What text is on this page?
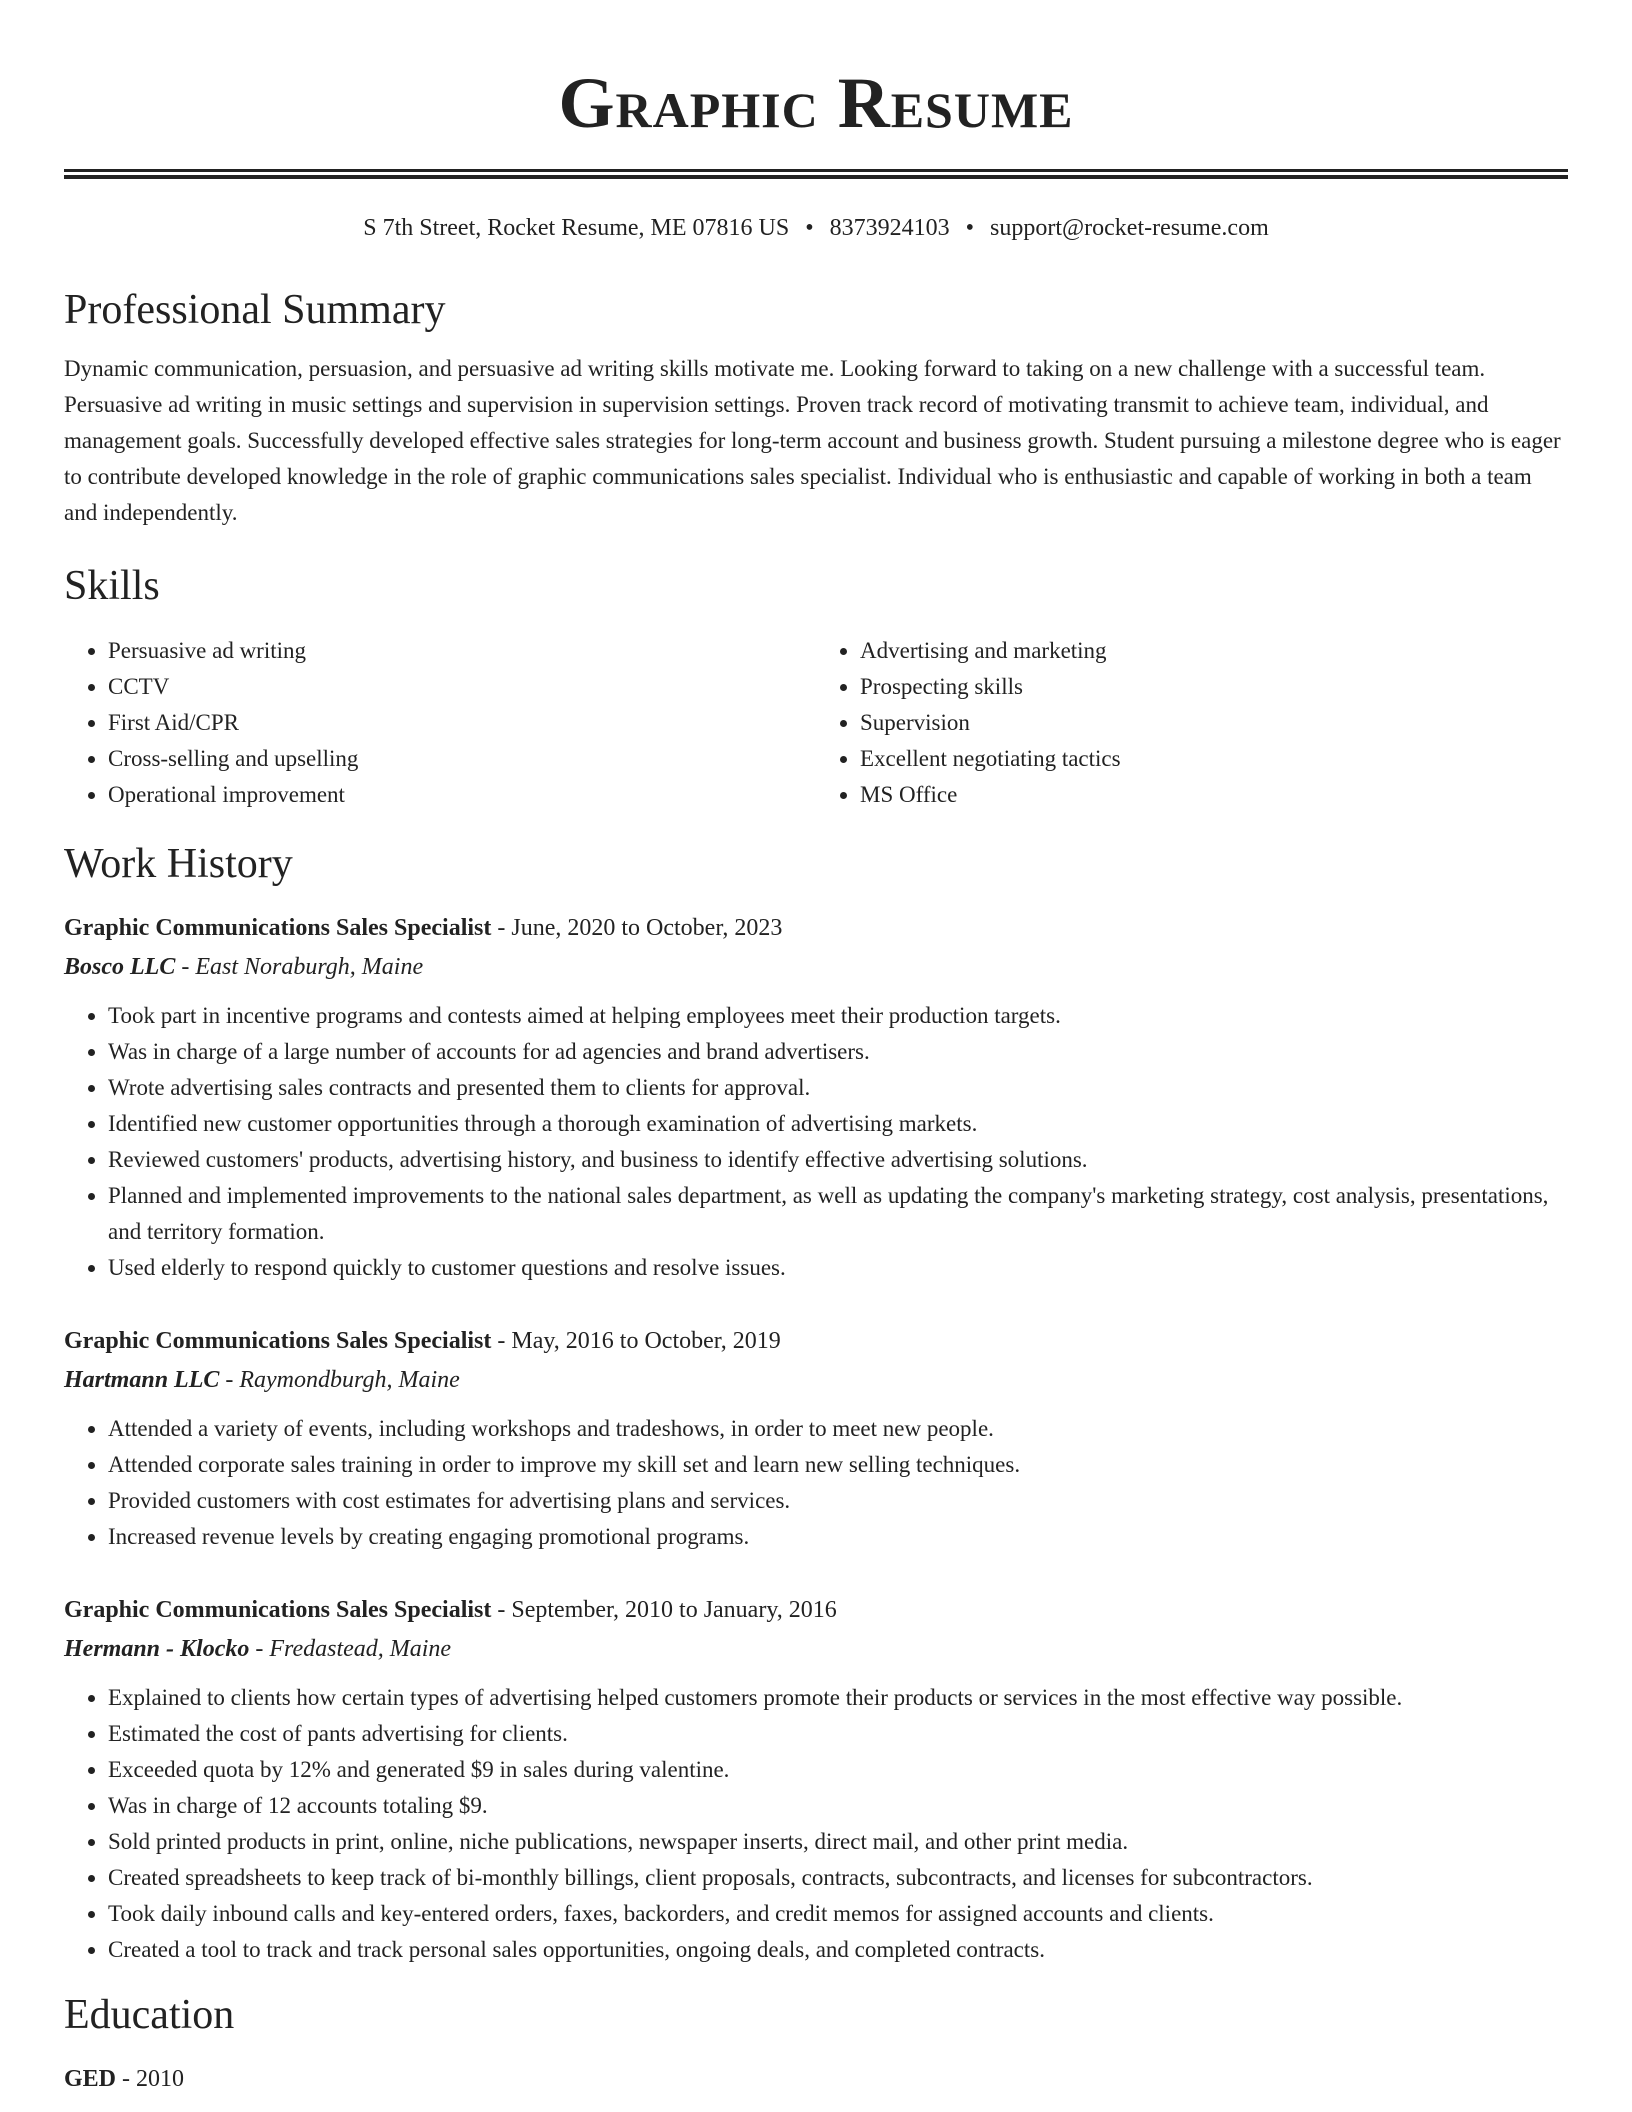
Graphic Resume
S 7th Street, Rocket Resume, ME 07816 US • 8373924103 • support@rocket-resume.com
Professional Summary
Dynamic communication, persuasion, and persuasive ad writing skills motivate me. Looking forward to taking on a new challenge with a successful team. Persuasive ad writing in music settings and supervision in supervision settings. Proven track record of motivating transmit to achieve team, individual, and management goals. Successfully developed effective sales strategies for long-term account and business growth. Student pursuing a milestone degree who is eager to contribute developed knowledge in the role of graphic communications sales specialist. Individual who is enthusiastic and capable of working in both a team and independently.
Skills
• Persuasive ad writing
• CCTV
• First Aid/CPR
• Cross-selling and upselling
• Operational improvement
• Advertising and marketing
• Prospecting skills
• Supervision
• Excellent negotiating tactics
• MS Office
Work History
Graphic Communications Sales Specialist - June, 2020 to October, 2023
Bosco LLC - East Noraburgh, Maine
• Took part in incentive programs and contests aimed at helping employees meet their production targets.
• Was in charge of a large number of accounts for ad agencies and brand advertisers.
• Wrote advertising sales contracts and presented them to clients for approval.
• Identified new customer opportunities through a thorough examination of advertising markets.
• Reviewed customers' products, advertising history, and business to identify effective advertising solutions.
• Planned and implemented improvements to the national sales department, as well as updating the company's marketing strategy, cost analysis, presentations, and territory formation.
• Used elderly to respond quickly to customer questions and resolve issues.
Graphic Communications Sales Specialist - May, 2016 to October, 2019
Hartmann LLC - Raymondburgh, Maine
• Attended a variety of events, including workshops and tradeshows, in order to meet new people.
• Attended corporate sales training in order to improve my skill set and learn new selling techniques.
• Provided customers with cost estimates for advertising plans and services.
• Increased revenue levels by creating engaging promotional programs.
Graphic Communications Sales Specialist - September, 2010 to January, 2016
Hermann - Klocko - Fredastead, Maine
• Explained to clients how certain types of advertising helped customers promote their products or services in the most effective way possible.
• Estimated the cost of pants advertising for clients.
• Exceeded quota by 12% and generated $9 in sales during valentine.
• Was in charge of 12 accounts totaling $9.
• Sold printed products in print, online, niche publications, newspaper inserts, direct mail, and other print media.
• Created spreadsheets to keep track of bi-monthly billings, client proposals, contracts, subcontracts, and licenses for subcontractors.
• Took daily inbound calls and key-entered orders, faxes, backorders, and credit memos for assigned accounts and clients.
• Created a tool to track and track personal sales opportunities, ongoing deals, and completed contracts.
Education
GED - 2010
